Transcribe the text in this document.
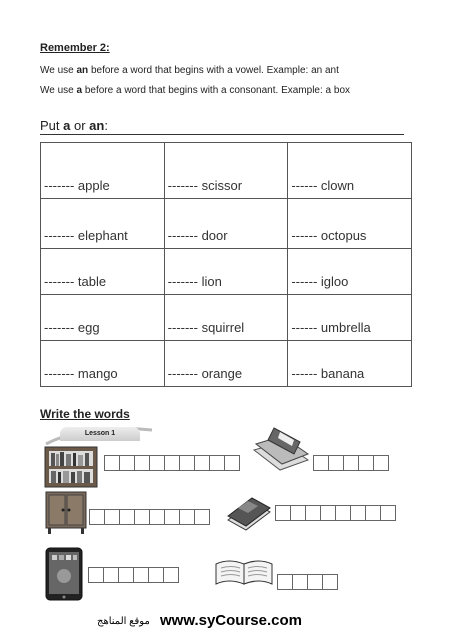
Remember 2:
We use an before a word that begins with a vowel. Example: an ant
We use a before a word that begins with a consonant. Example: a box
Put a or an:
------- apple	------- scissor	------ clown
------- elephant	------- door	------ octopus
------- table	------- lion	------ igloo
------- egg	------- squirrel	------ umbrella
------- mango	------- orange	------ banana
Write the words
Lesson 1
موقع المناهج www.syCourse.com
